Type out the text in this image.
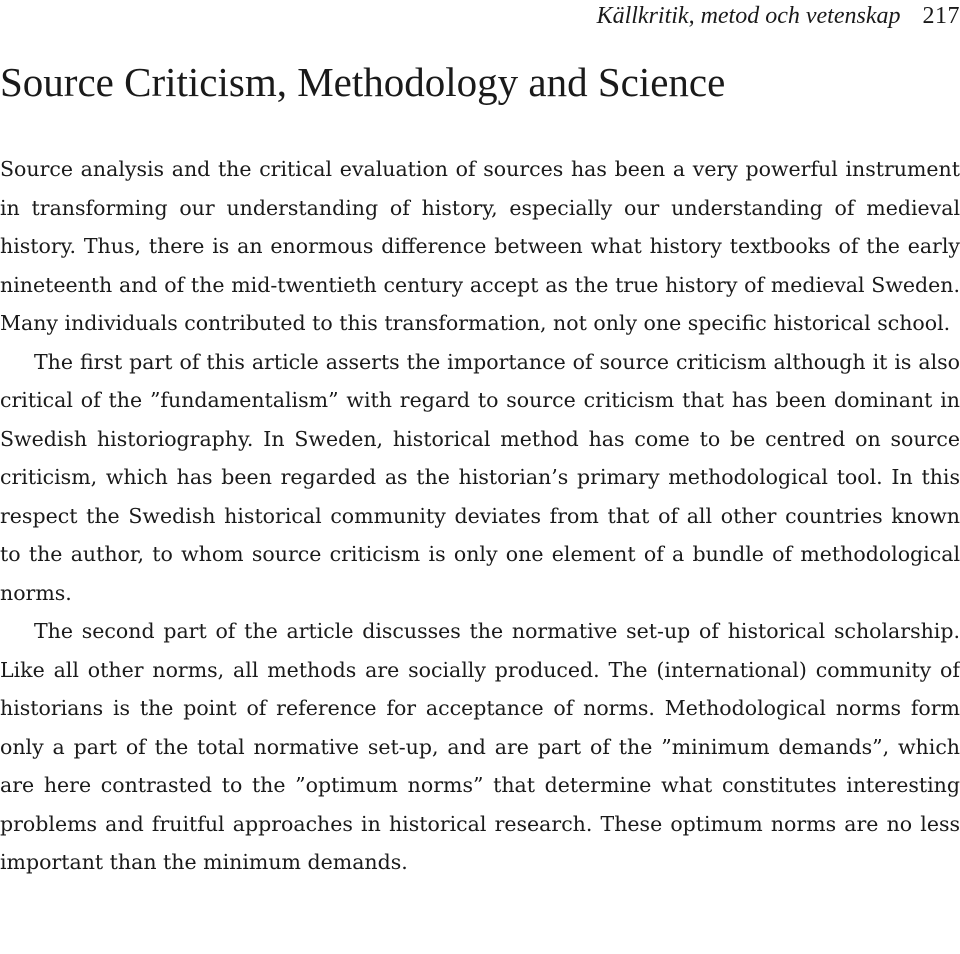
Källkritik, metod och vetenskap 217
Source Criticism, Methodology and Science

Source analysis and the critical evaluation of sources has been a very powerful instrument in transforming our understanding of history, especially our understanding of medieval history. Thus, there is an enormous difference between what history textbooks of the early nineteenth and of the mid-twentieth century accept as the true history of medieval Sweden. Many individuals contributed to this transformation, not only one specific historical school.

The first part of this article asserts the importance of source criticism although it is also critical of the ”fundamentalism” with regard to source criticism that has been dominant in Swedish historiography. In Sweden, historical method has come to be centred on source criticism, which has been regarded as the historian’s primary methodological tool. In this respect the Swedish historical community deviates from that of all other countries known to the author, to whom source criticism is only one element of a bundle of methodological norms.

The second part of the article discusses the normative set-up of historical scholarship. Like all other norms, all methods are socially produced. The (international) community of historians is the point of reference for acceptance of norms. Methodological norms form only a part of the total normative set-up, and are part of the ”minimum demands”, which are here contrasted to the ”optimum norms” that determine what constitutes interesting problems and fruitful approaches in historical research. These optimum norms are no less important than the minimum demands.
